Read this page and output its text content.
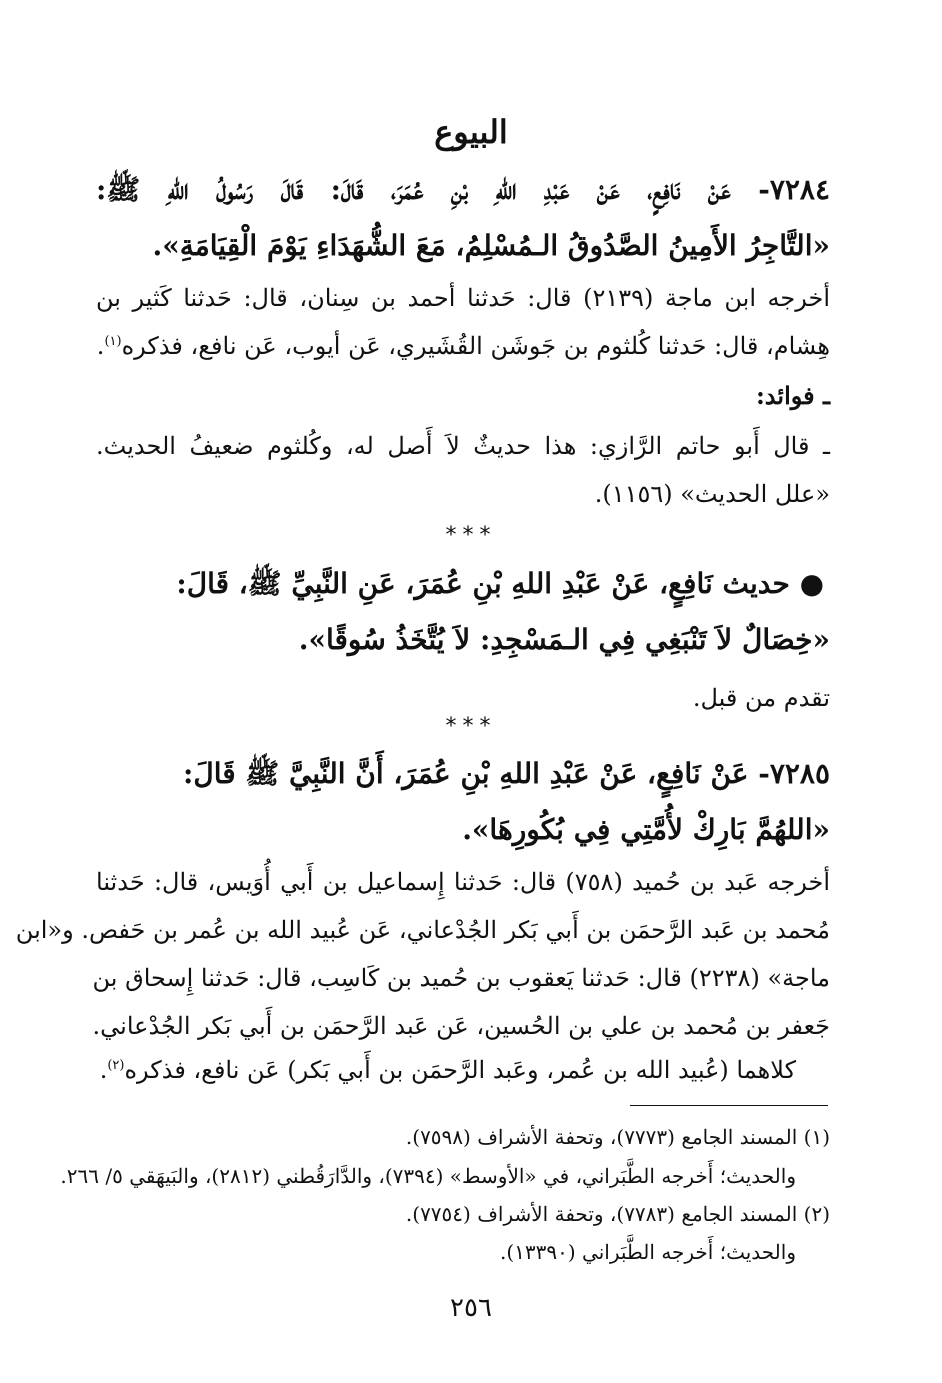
البيوع
٧٢٨٤- عَنْ نَافِعٍ، عَنْ عَبْدِ اللهِ بْنِ عُمَرَ، قَالَ: قَالَ رَسُولُ اللهِ ﷺ:
«التَّاجِرُ الأَمِينُ الصَّدُوقُ الـمُسْلِمُ، مَعَ الشُّهَدَاءِ يَوْمَ الْقِيَامَةِ».
أخرجه ابن ماجة (٢١٣٩) قال: حَدثنا أحمد بن سِنان، قال: حَدثنا كَثير بن
هِشام، قال: حَدثنا كُلثوم بن جَوشَن القُشَيري، عَن أيوب، عَن نافع، فذكره$^{(١)}$.
ـ فوائد:
ـ قال أَبو حاتم الرَّازي: هذا حديثٌ لاَ أَصل له، وكُلثوم ضعيفُ الحديث.
«علل الحديث» (١١٥٦).
***
● حديث نَافِعٍ، عَنْ عَبْدِ اللهِ بْنِ عُمَرَ، عَنِ النَّبِيِّ ﷺ، قَالَ:
«خِصَالٌ لاَ تَنْبَغِي فِي الـمَسْجِدِ: لاَ يُتَّخَذُ سُوقًا».
تقدم من قبل.
***
٧٢٨٥- عَنْ نَافِعٍ، عَنْ عَبْدِ اللهِ بْنِ عُمَرَ، أَنَّ النَّبِيَّ ﷺ قَالَ:
«اللهُمَّ بَارِكْ لأُمَّتِي فِي بُكُورِهَا».
أخرجه عَبد بن حُميد (٧٥٨) قال: حَدثنا إِسماعيل بن أَبي أُوَيس، قال: حَدثنا
مُحمد بن عَبد الرَّحمَن بن أَبي بَكر الجُدْعاني، عَن عُبيد الله بن عُمر بن حَفص. و«ابن
ماجة» (٢٢٣٨) قال: حَدثنا يَعقوب بن حُميد بن كَاسِب، قال: حَدثنا إِسحاق بن
جَعفر بن مُحمد بن علي بن الحُسين، عَن عَبد الرَّحمَن بن أَبي بَكر الجُدْعاني.
كلاهما (عُبيد الله بن عُمر، وعَبد الرَّحمَن بن أَبي بَكر) عَن نافع، فذكره$^{(٢)}$.
(١) المسند الجامع (٧٧٧٣)، وتحفة الأشراف (٧٥٩٨).
والحديث؛ أَخرجه الطَّبَراني، في «الأوسط» (٧٣٩٤)، والدَّارَقُطني (٢٨١٢)، والبَيهَقي ٥/ ٢٦٦.
(٢) المسند الجامع (٧٧٨٣)، وتحفة الأشراف (٧٧٥٤).
والحديث؛ أَخرجه الطَّبَراني (١٣٣٩٠).
٢٥٦
